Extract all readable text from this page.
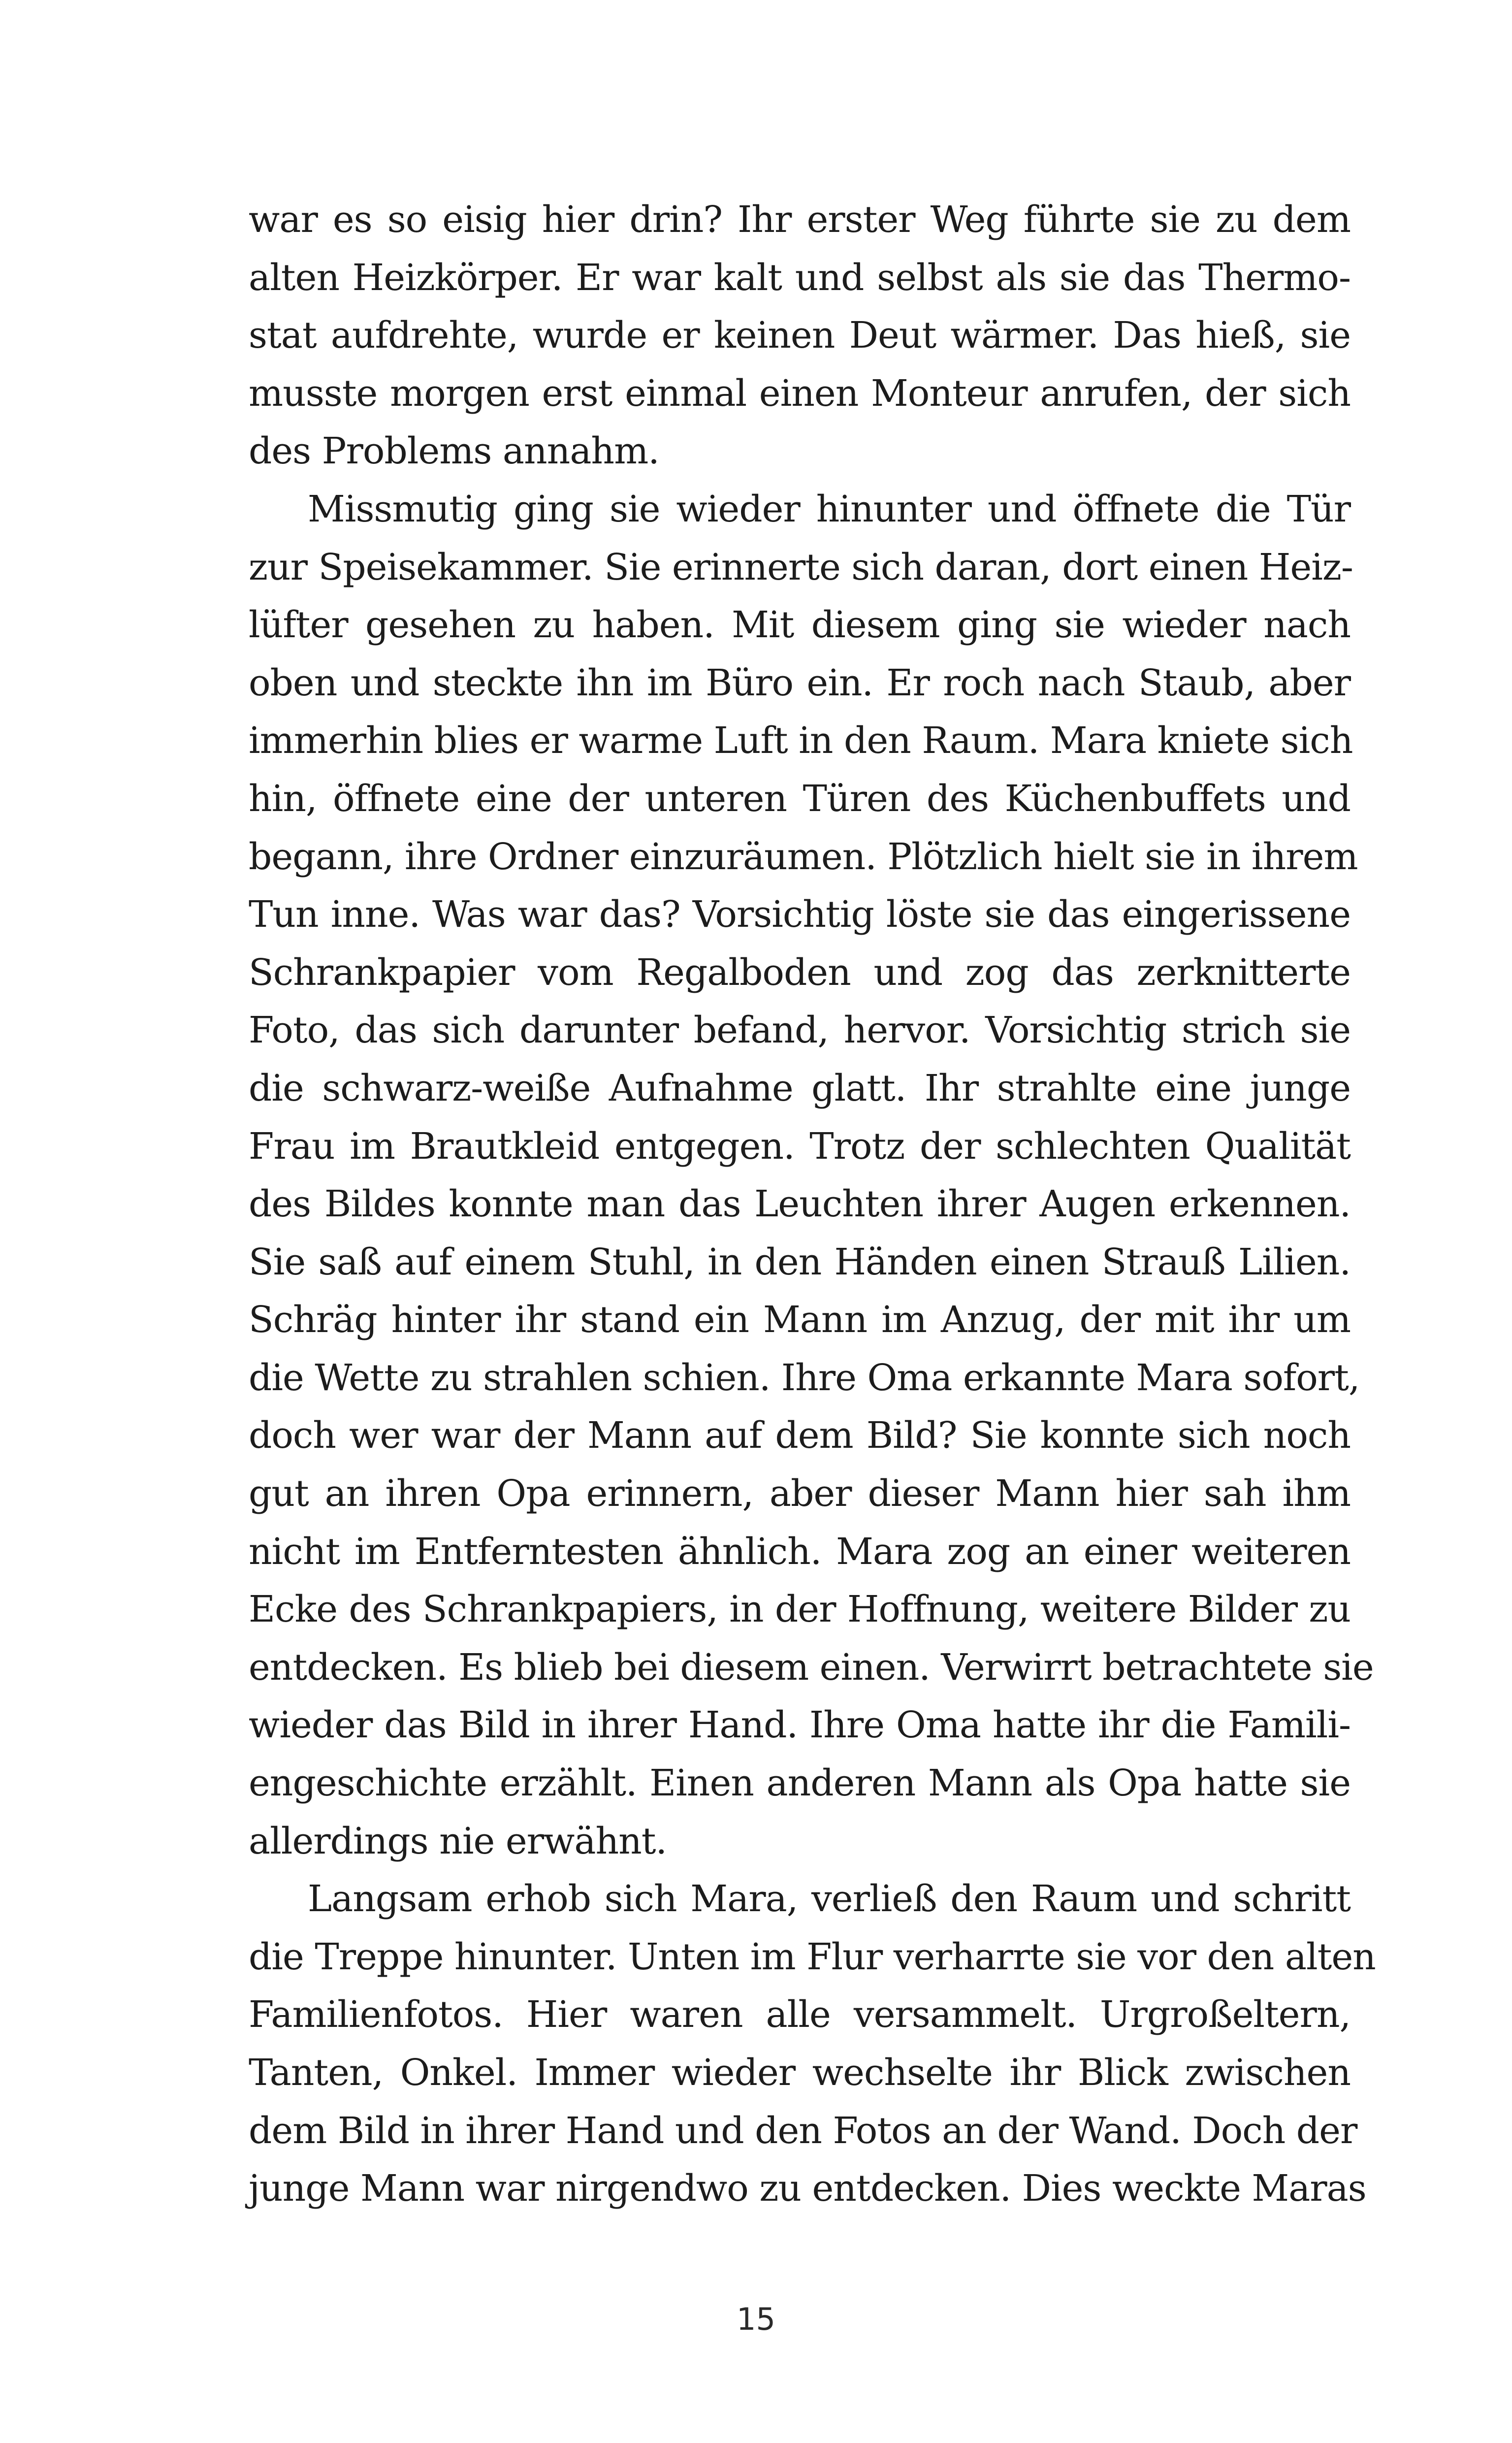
war es so eisig hier drin? Ihr erster Weg führte sie zu dem
alten Heizkörper. Er war kalt und selbst als sie das Thermo-
stat aufdrehte, wurde er keinen Deut wärmer. Das hieß, sie
musste morgen erst einmal einen Monteur anrufen, der sich
des Problems annahm.
Missmutig ging sie wieder hinunter und öffnete die Tür
zur Speisekammer. Sie erinnerte sich daran, dort einen Heiz-
lüfter gesehen zu haben. Mit diesem ging sie wieder nach
oben und steckte ihn im Büro ein. Er roch nach Staub, aber
immerhin blies er warme Luft in den Raum. Mara kniete sich
hin, öffnete eine der unteren Türen des Küchenbuffets und
begann, ihre Ordner einzuräumen. Plötzlich hielt sie in ihrem
Tun inne. Was war das? Vorsichtig löste sie das eingerissene
Schrankpapier vom Regalboden und zog das zerknitterte
Foto, das sich darunter befand, hervor. Vorsichtig strich sie
die schwarz-weiße Aufnahme glatt. Ihr strahlte eine junge
Frau im Brautkleid entgegen. Trotz der schlechten Qualität
des Bildes konnte man das Leuchten ihrer Augen erkennen.
Sie saß auf einem Stuhl, in den Händen einen Strauß Lilien.
Schräg hinter ihr stand ein Mann im Anzug, der mit ihr um
die Wette zu strahlen schien. Ihre Oma erkannte Mara sofort,
doch wer war der Mann auf dem Bild? Sie konnte sich noch
gut an ihren Opa erinnern, aber dieser Mann hier sah ihm
nicht im Entferntesten ähnlich. Mara zog an einer weiteren
Ecke des Schrankpapiers, in der Hoffnung, weitere Bilder zu
entdecken. Es blieb bei diesem einen. Verwirrt betrachtete sie
wieder das Bild in ihrer Hand. Ihre Oma hatte ihr die Famili-
engeschichte erzählt. Einen anderen Mann als Opa hatte sie
allerdings nie erwähnt.
Langsam erhob sich Mara, verließ den Raum und schritt
die Treppe hinunter. Unten im Flur verharrte sie vor den alten
Familienfotos. Hier waren alle versammelt. Urgroßeltern,
Tanten, Onkel. Immer wieder wechselte ihr Blick zwischen
dem Bild in ihrer Hand und den Fotos an der Wand. Doch der
junge Mann war nirgendwo zu entdecken. Dies weckte Maras
15
